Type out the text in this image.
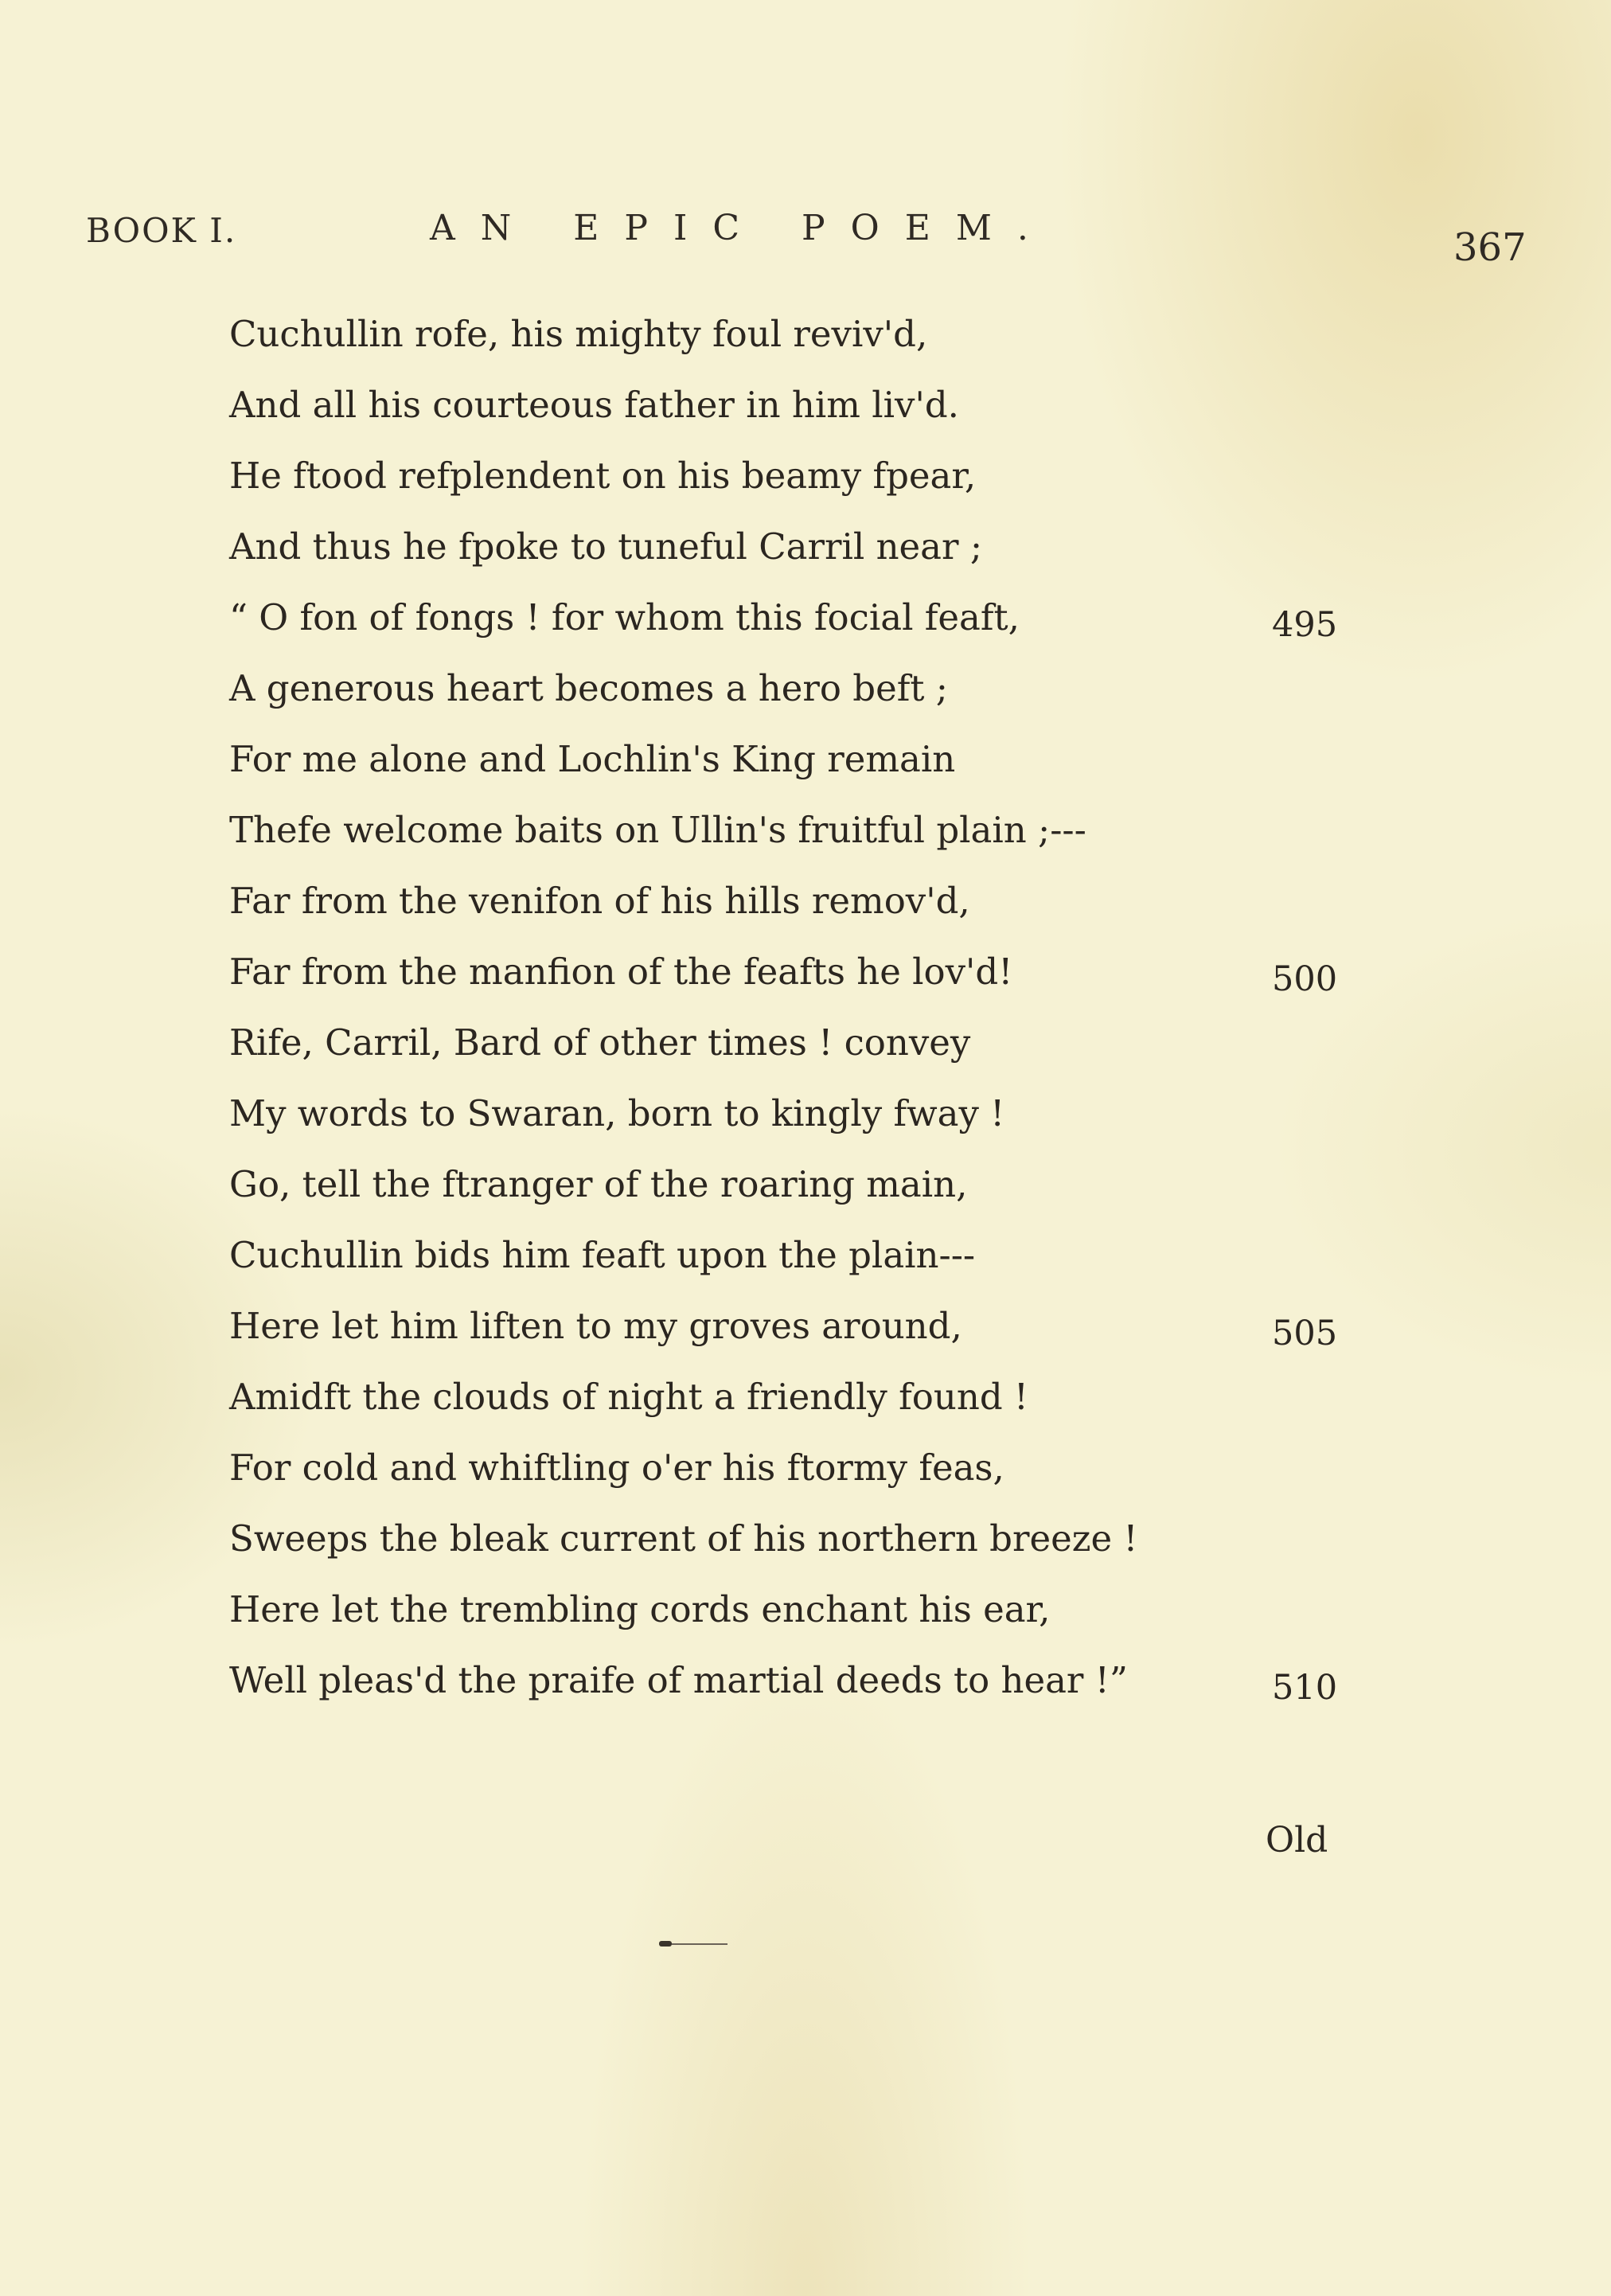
BOOK I.	AN EPIC POEM.	367
Cuchullin rofe, his mighty foul reviv'd,
And all his courteous father in him liv'd.
He ftood refplendent on his beamy fpear,
And thus he fpoke to tuneful Carril near ;
“ O fon of fongs ! for whom this focial feaft,	495
A generous heart becomes a hero beft ;
For me alone and Lochlin's King remain
Thefe welcome baits on Ullin's fruitful plain ;---
Far from the venifon of his hills remov'd,
Far from the manfion of the feafts he lov'd!	500
Rife, Carril, Bard of other times ! convey
My words to Swaran, born to kingly fway !
Go, tell the ftranger of the roaring main,
Cuchullin bids him feaft upon the plain---
Here let him liften to my groves around,	505
Amidft the clouds of night a friendly found !
For cold and whiftling o'er his ftormy feas,
Sweeps the bleak current of his northern breeze !
Here let the trembling cords enchant his ear,
Well pleas'd the praife of martial deeds to hear !”	510
Old
